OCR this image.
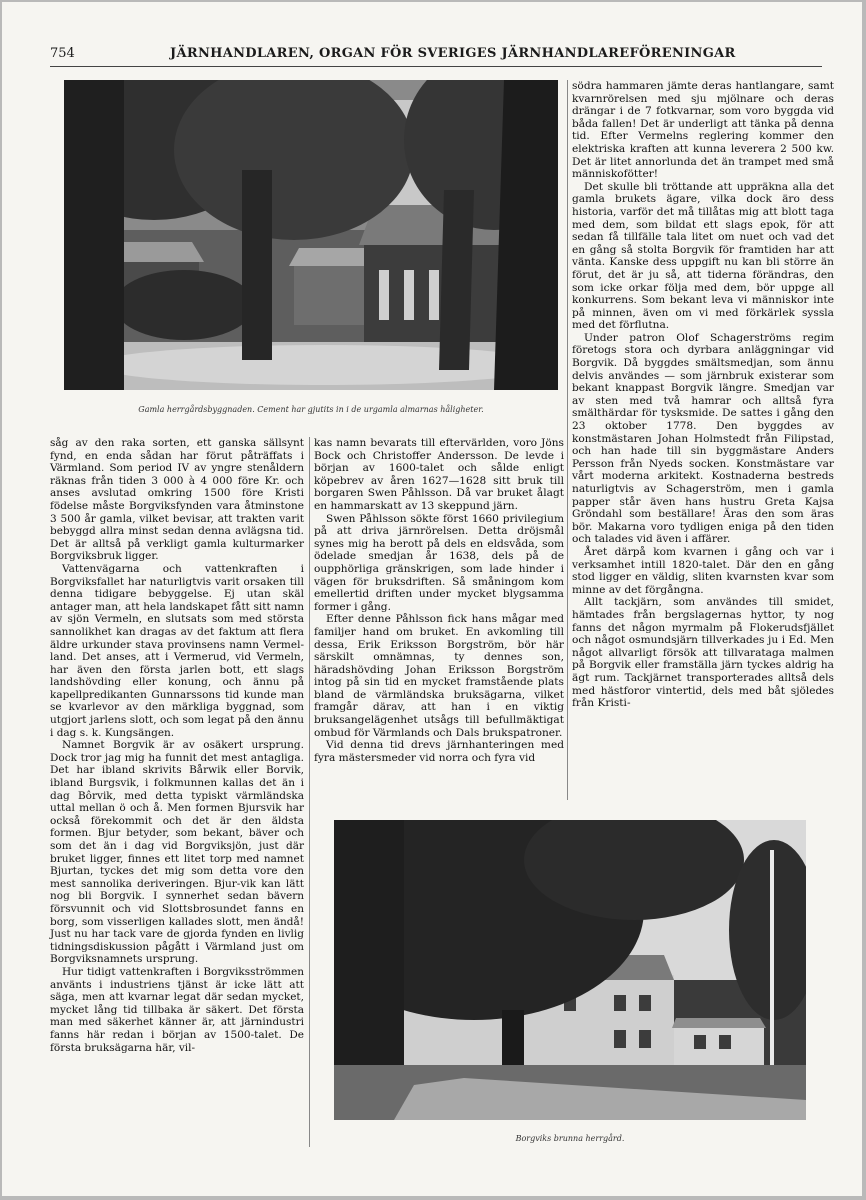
754	JÄRNHANDLAREN, ORGAN FÖR SVERIGES JÄRNHANDLAREFÖRENINGAR
Gamla herrgårdsbyggnaden. Cement har gjutits in i de urgamla almarnas håligheter.

södra hammaren jämte deras hantlangare, samt kvarnrörelsen med sju mjölnare och deras drängar i de 7 fotkvarnar, som voro byggda vid båda fallen! Det är underligt att tänka på denna tid. Efter Vermelns reglering kommer den elektriska kraften att kunna leverera 2 500 kw. Det är litet annorlunda det än trampet med små människofötter!

Det skulle bli tröttande att uppräkna alla det gamla brukets ägare, vilka dock äro dess historia, varför det må tillåtas mig att blott taga med dem, som bildat ett slags epok, för att sedan få tillfälle tala litet om nuet och vad det en gång så stolta Borgvik för framtiden har att vänta. Kanske dess uppgift nu kan bli större än förut, det är ju så, att tiderna förändras, den som icke orkar följa med dem, bör uppge all konkurrens. Som bekant leva vi människor inte på minnen, även om vi med förkärlek syssla med det förflutna.

Under patron Olof Schagerströms regim företogs stora och dyrbara anläggningar vid Borgvik. Då byggdes smältsmedjan, som ännu delvis användes — som järnbruk existerar som bekant knappast Borgvik längre. Smedjan var av sten med två hamrar och alltså fyra smälthärdar för tysksmide. De sattes i gång den 23 oktober 1778. Den byggdes av konstmästaren Johan Holmstedt från Filipstad, och han hade till sin byggmästare Anders Persson från Nyeds socken. Konstmästare var vårt moderna arkitekt. Kostnaderna bestreds naturligtvis av Schagerström, men i gamla papper står även hans hustru Greta Kajsa Gröndahl som beställare! Äras den som äras bör. Makarna voro tydligen eniga på den tiden och talades vid även i affärer.

Året därpå kom kvarnen i gång och var i verksamhet intill 1820-talet. Där den en gång stod ligger en väldig, sliten kvarnsten kvar som minne av det förgångna.

Allt tackjärn, som användes till smidet, hämtades från bergslagernas hyttor, ty nog fanns det någon myrmalm på Flokerudsfjället och något osmundsjärn tillverkades ju i Ed. Men något allvarligt försök att tillvarataga malmen på Borgvik eller framställa järn tyckes aldrig ha ägt rum. Tackjärnet transporterades alltså dels med hästforor vintertid, dels med båt sjöledes från Kristi-

såg av den raka sorten, ett ganska sällsynt fynd, en enda sådan har förut påträffats i Värmland. Som period IV av yngre stenåldern räknas från tiden 3 000 à 4 000 före Kr. och anses avslutad omkring 1500 före Kristi födelse måste Borgviksfynden vara åtminstone 3 500 år gamla, vilket bevisar, att trakten varit bebyggd allra minst sedan denna avlägsna tid. Det är alltså på verkligt gamla kulturmarker Borgviksbruk ligger.

Vattenvägarna och vattenkraften i Borgviksfallet har naturligtvis varit orsaken till denna tidigare bebyggelse. Ej utan skäl antager man, att hela landskapet fått sitt namn av sjön Vermeln, en slutsats som med största sannolikhet kan dragas av det faktum att flera äldre urkunder stava provinsens namn Vermel-land. Det anses, att i Vermerud, vid Vermeln, har även den första jarlen bott, ett slags landshövding eller konung, och ännu på kapellpredikanten Gunnarssons tid kunde man se kvarlevor av den märkliga byggnad, som utgjort jarlens slott, och som legat på den ännu i dag s. k. Kungsängen.

Namnet Borgvik är av osäkert ursprung. Dock tror jag mig ha funnit det mest antagliga. Det har ibland skrivits Bårwik eller Borvik, ibland Burgsvik, i folkmunnen kallas det än i dag Bôrvik, med detta typiskt värmländska uttal mellan ö och å. Men formen Bjursvik har också förekommit och det är den äldsta formen. Bjur betyder, som bekant, bäver och som det än i dag vid Borgviksjön, just där bruket ligger, finnes ett litet torp med namnet Bjurtan, tyckes det mig som detta vore den mest sannolika deriveringen. Bjur-vik kan lätt nog bli Borgvik. I synnerhet sedan bävern försvunnit och vid Slottsbrosundet fanns en borg, som visserligen kallades slott, men ändå! Just nu har tack vare de gjorda fynden en livlig tidningsdiskussion pågått i Värmland just om Borgviksnamnets ursprung.

Hur tidigt vattenkraften i Borgviksströmmen använts i industriens tjänst är icke lätt att säga, men att kvarnar legat där sedan mycket, mycket lång tid tillbaka är säkert. Det första man med säkerhet känner är, att järnindustri fanns här redan i början av 1500-talet. De första bruksägarna här, vil-

kas namn bevarats till eftervärlden, voro Jöns Bock och Christoffer Andersson. De levde i början av 1600-talet och sålde enligt köpebrev av åren 1627—1628 sitt bruk till borgaren Swen Påhlsson. Då var bruket ålagt en hammarskatt av 13 skeppund järn.

Swen Påhlsson sökte först 1660 privilegium på att driva järnrörelsen. Detta dröjsmål synes mig ha berott på dels en eldsvåda, som ödelade smedjan år 1638, dels på de oupphörliga gränskrigen, som lade hinder i vägen för bruksdriften. Så småningom kom emellertid driften under mycket blygsamma former i gång.

Efter denne Påhlsson fick hans mågar med familjer hand om bruket. En avkomling till dessa, Erik Eriksson Borgström, bör här särskilt omnämnas, ty dennes son, häradshövding Johan Eriksson Borgström intog på sin tid en mycket framstående plats bland de värmländska bruksägarna, vilket framgår därav, att han i en viktig bruksangelägenhet utsågs till befullmäktigat ombud för Värmlands och Dals brukspatroner.

Vid denna tid drevs järnhanteringen med fyra mästersmeder vid norra och fyra vid

Borgviks brunna herrgård.
